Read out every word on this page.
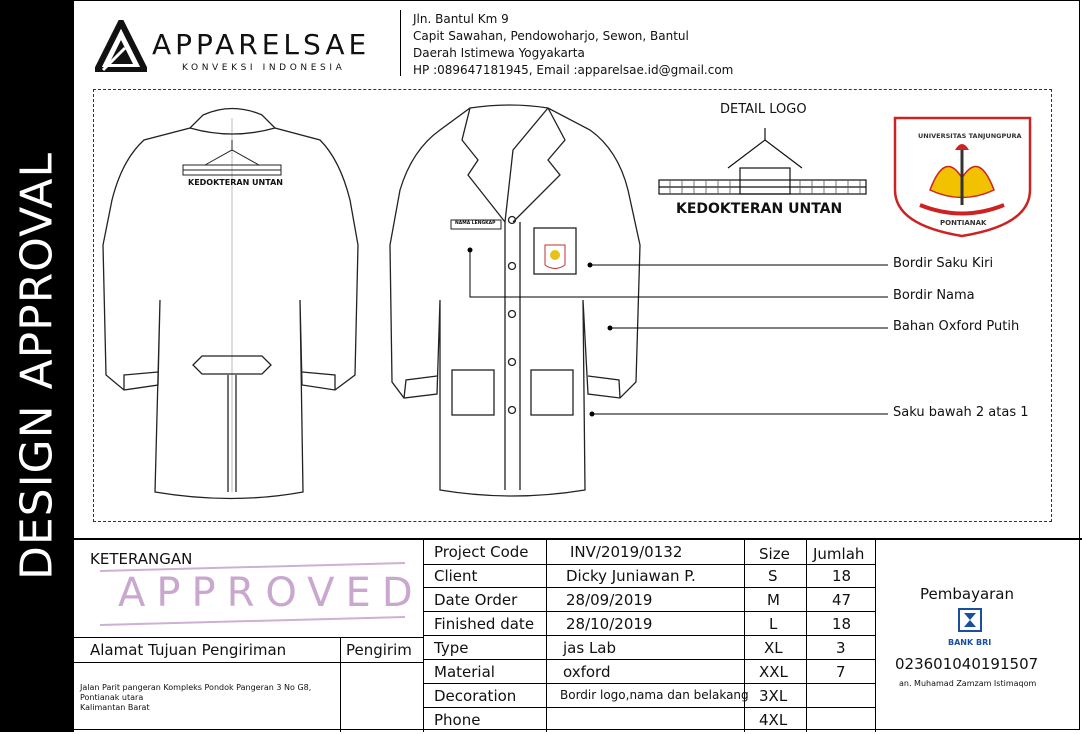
DESIGN APPROVAL
APPARELSAE
KONVEKSI INDONESIA
Jln. Bantul Km 9
Capit Sawahan, Pendowoharjo, Sewon, Bantul
Daerah Istimewa Yogyakarta
HP :089647181945, Email :apparelsae.id@gmail.com
DETAIL LOGO
KEDOKTERAN UNTAN
UNIVERSITAS TANJUNGPURA
PONTIANAK
KEDOKTERAN UNTAN
NAMA LENGKAP
Bordir Saku Kiri
Bordir Nama
Bahan Oxford Putih
Saku bawah 2 atas 1
KETERANGAN
APPROVED
Alamat Tujuan Pengiriman	Pengirim
Jalan Parit pangeran Kompleks Pondok Pangeran 3 No G8,
Pontianak utara
Kalimantan Barat
Project Code	INV/2019/0132
Client	Dicky Juniawan P.
Date Order	28/09/2019
Finished date 28/10/2019
Type	jas Lab
Material	oxford
Decoration	Bordir logo,nama dan belakang
Phone
Size Jumlah
S	18
M	47
L	18
XL	3
XXL	7
3XL
4XL
Pembayaran
BANK BRI
023601040191507
an. Muhamad Zamzam Istimaqom
